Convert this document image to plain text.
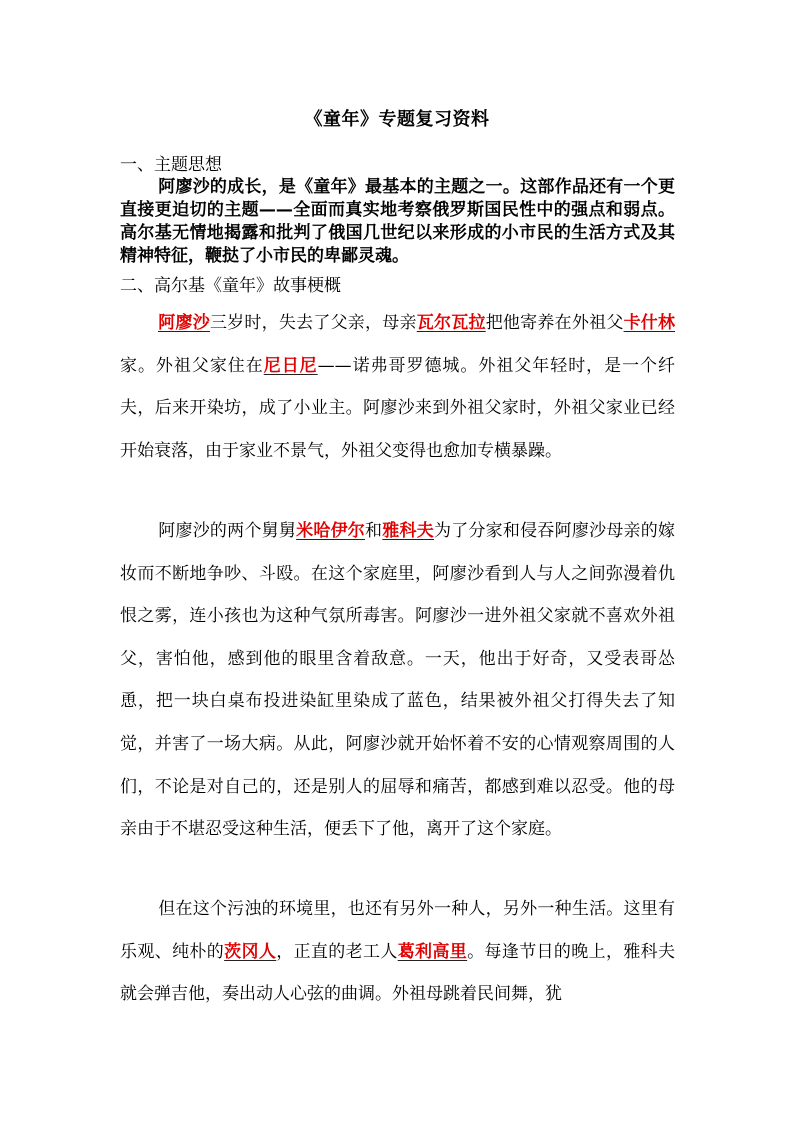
《童年》专题复习资料
一、主题思想
阿廖沙的成长，是《童年》最基本的主题之一。这部作品还有一个更直接更迫切的主题——全面而真实地考察俄罗斯国民性中的强点和弱点。高尔基无情地揭露和批判了俄国几世纪以来形成的小市民的生活方式及其精神特征，鞭挞了小市民的卑鄙灵魂。
二、高尔基《童年》故事梗概
阿廖沙三岁时，失去了父亲，母亲瓦尔瓦拉把他寄养在外祖父卡什林家。外祖父家住在尼日尼——诺弗哥罗德城。外祖父年轻时，是一个纤夫，后来开染坊，成了小业主。阿廖沙来到外祖父家时，外祖父家业已经开始衰落，由于家业不景气，外祖父变得也愈加专横暴躁。
阿廖沙的两个舅舅米哈伊尔和雅科夫为了分家和侵吞阿廖沙母亲的嫁妆而不断地争吵、斗殴。在这个家庭里，阿廖沙看到人与人之间弥漫着仇恨之雾，连小孩也为这种气氛所毒害。阿廖沙一进外祖父家就不喜欢外祖父，害怕他，感到他的眼里含着敌意。一天，他出于好奇，又受表哥怂恿，把一块白桌布投进染缸里染成了蓝色，结果被外祖父打得失去了知觉，并害了一场大病。从此，阿廖沙就开始怀着不安的心情观察周围的人们，不论是对自己的，还是别人的屈辱和痛苦，都感到难以忍受。他的母亲由于不堪忍受这种生活，便丢下了他，离开了这个家庭。
但在这个污浊的环境里，也还有另外一种人，另外一种生活。这里有乐观、纯朴的茨冈人，正直的老工人葛利高里。每逢节日的晚上，雅科夫就会弹吉他，奏出动人心弦的曲调。外祖母跳着民间舞，犹
